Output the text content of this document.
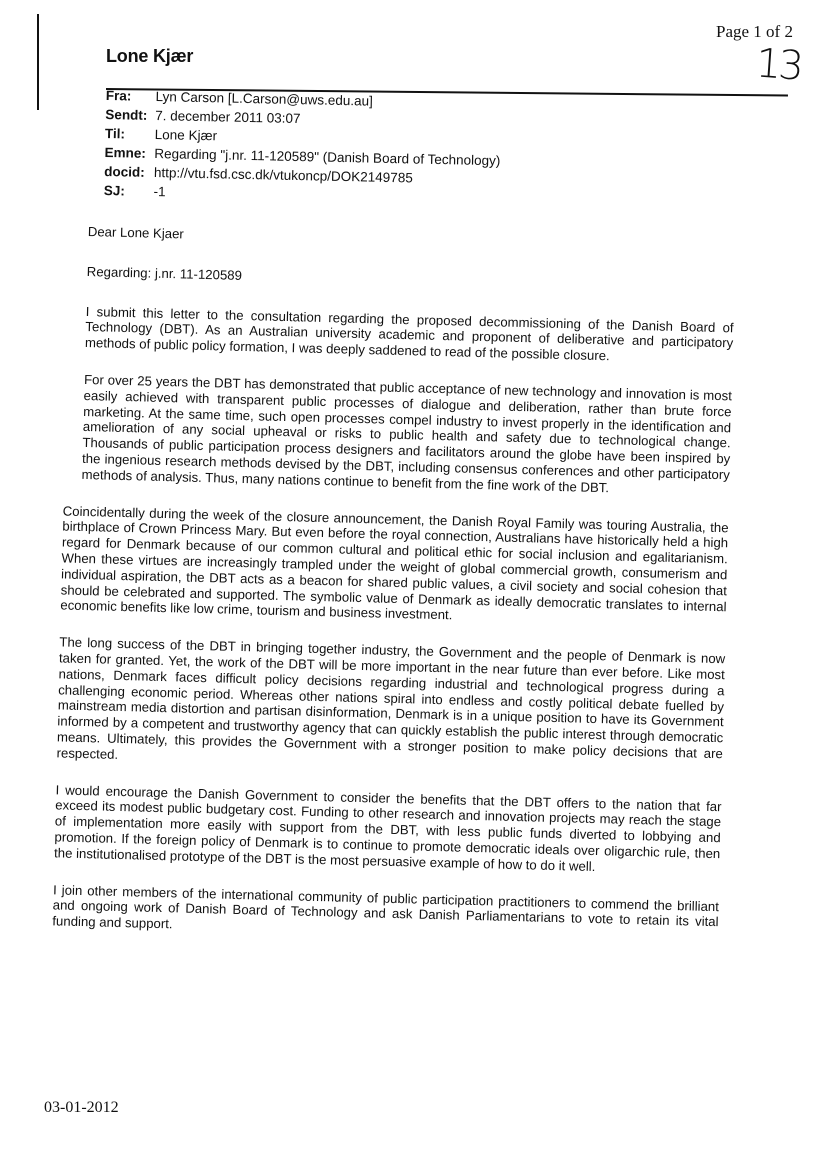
Page 1 of 2
13
Lone Kjær
Fra: Lyn Carson [L.Carson@uws.edu.au]
Sendt: 7. december 2011 03:07
Til: Lone Kjær
Emne: Regarding "j.nr. 11-120589" (Danish Board of Technology)
docid: http://vtu.fsd.csc.dk/vtukoncp/DOK2149785
SJ: -1
Dear Lone Kjaer
Regarding: j.nr. 11-120589

I submit this letter to the consultation regarding the proposed decommissioning of the Danish Board of Technology (DBT). As an Australian university academic and proponent of deliberative and participatory methods of public policy formation, I was deeply saddened to read of the possible closure.

For over 25 years the DBT has demonstrated that public acceptance of new technology and innovation is most easily achieved with transparent public processes of dialogue and deliberation, rather than brute force marketing. At the same time, such open processes compel industry to invest properly in the identification and amelioration of any social upheaval or risks to public health and safety due to technological change. Thousands of public participation process designers and facilitators around the globe have been inspired by the ingenious research methods devised by the DBT, including consensus conferences and other participatory methods of analysis. Thus, many nations continue to benefit from the fine work of the DBT.

Coincidentally during the week of the closure announcement, the Danish Royal Family was touring Australia, the birthplace of Crown Princess Mary. But even before the royal connection, Australians have historically held a high regard for Denmark because of our common cultural and political ethic for social inclusion and egalitarianism. When these virtues are increasingly trampled under the weight of global commercial growth, consumerism and individual aspiration, the DBT acts as a beacon for shared public values, a civil society and social cohesion that should be celebrated and supported. The symbolic value of Denmark as ideally democratic translates to internal economic benefits like low crime, tourism and business investment.

The long success of the DBT in bringing together industry, the Government and the people of Denmark is now taken for granted. Yet, the work of the DBT will be more important in the near future than ever before. Like most nations, Denmark faces difficult policy decisions regarding industrial and technological progress during a challenging economic period. Whereas other nations spiral into endless and costly political debate fuelled by mainstream media distortion and partisan disinformation, Denmark is in a unique position to have its Government informed by a competent and trustworthy agency that can quickly establish the public interest through democratic means. Ultimately, this provides the Government with a stronger position to make policy decisions that are respected.

I would encourage the Danish Government to consider the benefits that the DBT offers to the nation that far exceed its modest public budgetary cost. Funding to other research and innovation projects may reach the stage of implementation more easily with support from the DBT, with less public funds diverted to lobbying and promotion. If the foreign policy of Denmark is to continue to promote democratic ideals over oligarchic rule, then the institutionalised prototype of the DBT is the most persuasive example of how to do it well.

I join other members of the international community of public participation practitioners to commend the brilliant and ongoing work of Danish Board of Technology and ask Danish Parliamentarians to vote to retain its vital funding and support.

03-01-2012
